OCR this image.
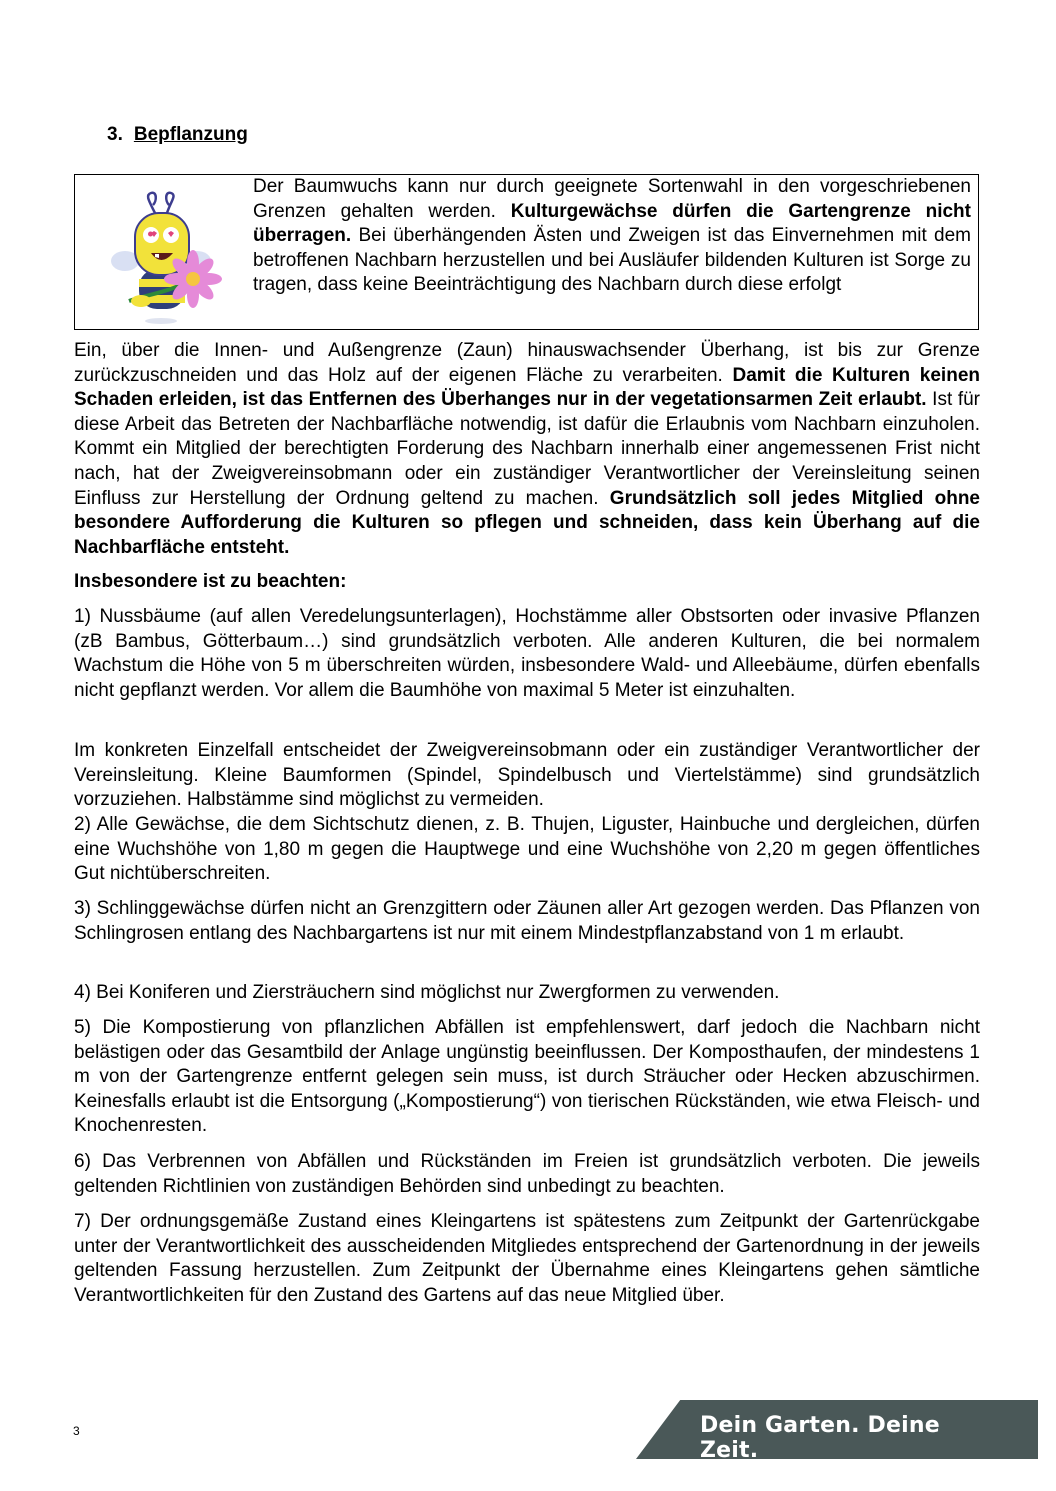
3. Bepflanzung

Der Baumwuchs kann nur durch geeignete Sortenwahl in den vorgeschriebenen Grenzen gehalten werden. Kulturgewächse dürfen die Gartengrenze nicht überragen. Bei überhängenden Ästen und Zweigen ist das Einvernehmen mit dem betroffenen Nachbarn herzustellen und bei Ausläufer bildenden Kulturen ist Sorge zu tragen, dass keine Beeinträchtigung des Nachbarn durch diese erfolgt

Ein, über die Innen- und Außengrenze (Zaun) hinauswachsender Überhang, ist bis zur Grenze zurückzuschneiden und das Holz auf der eigenen Fläche zu verarbeiten. Damit die Kulturen keinen Schaden erleiden, ist das Entfernen des Überhanges nur in der vegetationsarmen Zeit erlaubt. Ist für diese Arbeit das Betreten der Nachbarfläche notwendig, ist dafür die Erlaubnis vom Nachbarn einzuholen. Kommt ein Mitglied der berechtigten Forderung des Nachbarn innerhalb einer angemessenen Frist nicht nach, hat der Zweigvereinsobmann oder ein zuständiger Verantwortlicher der Vereinsleitung seinen Einfluss zur Herstellung der Ordnung geltend zu machen. Grundsätzlich soll jedes Mitglied ohne besondere Aufforderung die Kulturen so pflegen und schneiden, dass kein Überhang auf die Nachbarfläche entsteht.

Insbesondere ist zu beachten:

1) Nussbäume (auf allen Veredelungsunterlagen), Hochstämme aller Obstsorten oder invasive Pflanzen (zB Bambus, Götterbaum…) sind grundsätzlich verboten. Alle anderen Kulturen, die bei normalem Wachstum die Höhe von 5 m überschreiten würden, insbesondere Wald- und Alleebäume, dürfen ebenfalls nicht gepflanzt werden. Vor allem die Baumhöhe von maximal 5 Meter ist einzuhalten.

Im konkreten Einzelfall entscheidet der Zweigvereinsobmann oder ein zuständiger Verantwortlicher der Vereinsleitung. Kleine Baumformen (Spindel, Spindelbusch und Viertelstämme) sind grundsätzlich vorzuziehen. Halbstämme sind möglichst zu vermeiden.

2) Alle Gewächse, die dem Sichtschutz dienen, z. B. Thujen, Liguster, Hainbuche und dergleichen, dürfen eine Wuchshöhe von 1,80 m gegen die Hauptwege und eine Wuchshöhe von 2,20 m gegen öffentliches Gut nichtüberschreiten.

3) Schlinggewächse dürfen nicht an Grenzgittern oder Zäunen aller Art gezogen werden. Das Pflanzen von Schlingrosen entlang des Nachbargartens ist nur mit einem Mindestpflanzabstand von 1 m erlaubt.

4) Bei Koniferen und Ziersträuchern sind möglichst nur Zwergformen zu verwenden.

5) Die Kompostierung von pflanzlichen Abfällen ist empfehlenswert, darf jedoch die Nachbarn nicht belästigen oder das Gesamtbild der Anlage ungünstig beeinflussen. Der Komposthaufen, der mindestens 1 m von der Gartengrenze entfernt gelegen sein muss, ist durch Sträucher oder Hecken abzuschirmen. Keinesfalls erlaubt ist die Entsorgung („Kompostierung“) von tierischen Rückständen, wie etwa Fleisch- und Knochenresten.

6) Das Verbrennen von Abfällen und Rückständen im Freien ist grundsätzlich verboten. Die jeweils geltenden Richtlinien von zuständigen Behörden sind unbedingt zu beachten.

7) Der ordnungsgemäße Zustand eines Kleingartens ist spätestens zum Zeitpunkt der Gartenrückgabe unter der Verantwortlichkeit des ausscheidenden Mitgliedes entsprechend der Gartenordnung in der jeweils geltenden Fassung herzustellen. Zum Zeitpunkt der Übernahme eines Kleingartens gehen sämtliche Verantwortlichkeiten für den Zustand des Gartens auf das neue Mitglied über.

3	Dein Garten. Deine Zeit.
